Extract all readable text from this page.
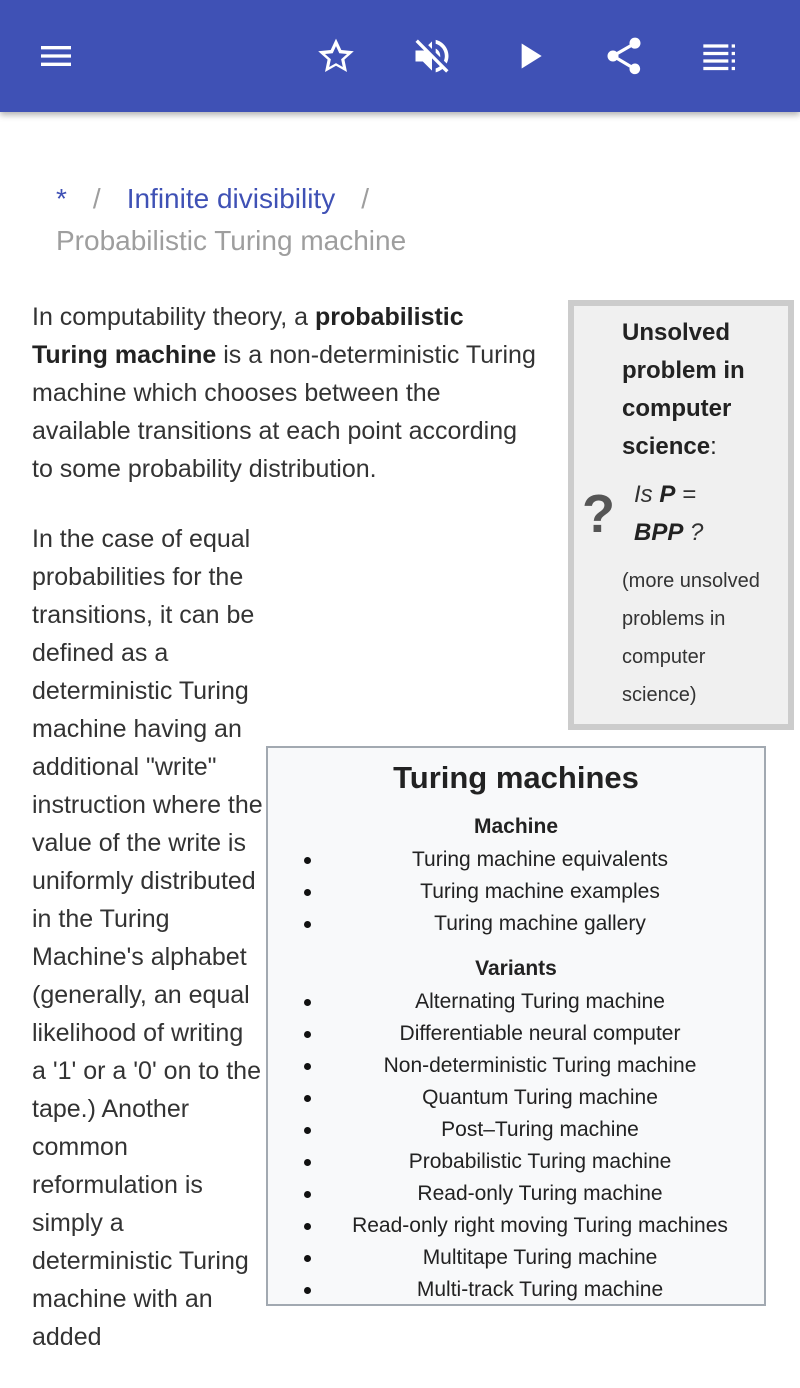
* / Infinite divisibility /
Probabilistic Turing machine
Unsolved problem in computer science:
? Is P =
BPP ?
(more unsolved problems in computer science)

In computability theory, a probabilistic Turing machine is a non-deterministic Turing machine which chooses between the available transitions at each point according to some probability distribution.

In the case of equal probabilities for the transitions, it can be defined as a deterministic Turing machine having an additional "write" instruction where the value of the write is uniformly distributed in the Turing Machine's alphabet (generally, an equal likelihood of writing a '1' or a '0' on to the tape.) Another common reformulation is simply a deterministic Turing machine with an added

Turing machines
Machine
Turing machine equivalents
Turing machine examples
Turing machine gallery
Variants
Alternating Turing machine
Differentiable neural computer
Non-deterministic Turing machine
Quantum Turing machine
Post–Turing machine
Probabilistic Turing machine
Read-only Turing machine
Read-only right moving Turing machines
Multitape Turing machine
Multi-track Turing machine
